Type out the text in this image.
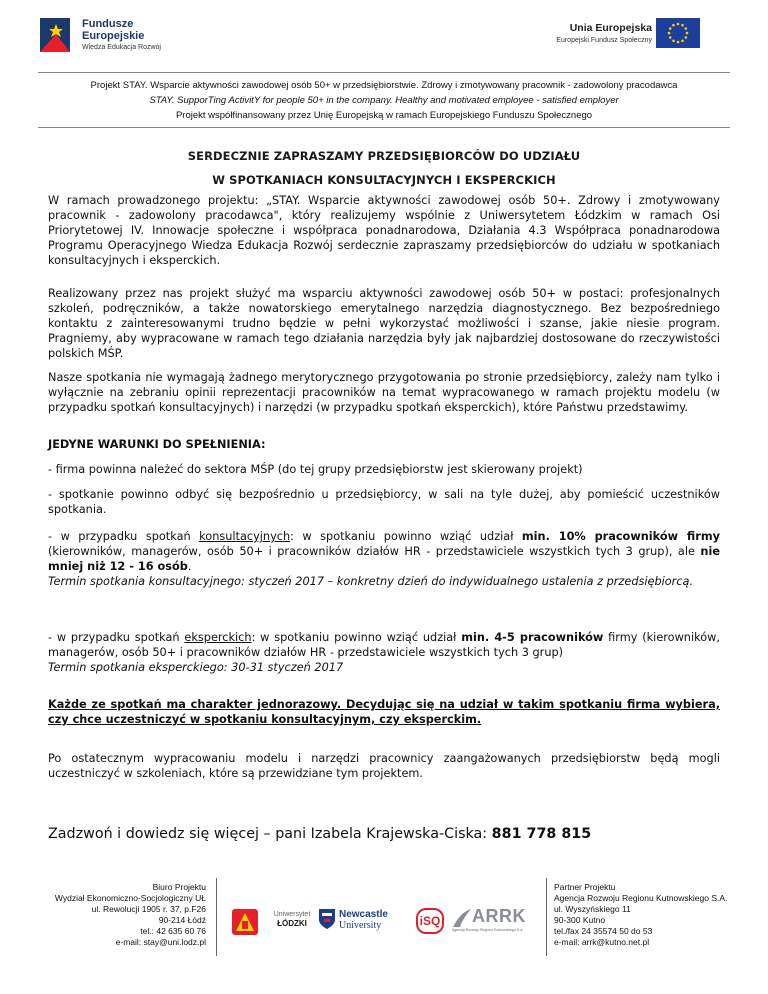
Fundusze
Europejskie
Wiedza Edukacja Rozwój
Unia Europejska
Europejski Fundusz Społeczny
Projekt STAY. Wsparcie aktywności zawodowej osób 50+ w przedsiębiorstwie. Zdrowy i zmotywowany pracownik - zadowolony pracodawca
STAY. SupporTing ActivitY for people 50+ in the company. Healthy and motivated employee - satisfied employer
Projekt współfinansowany przez Unię Europejską w ramach Europejskiego Funduszu Społecznego
SERDECZNIE ZAPRASZAMY PRZEDSIĘBIORCÓW DO UDZIAŁU
W SPOTKANIACH KONSULTACYJNYCH I EKSPERCKICH
W ramach prowadzonego projektu: „STAY. Wsparcie aktywności zawodowej osób 50+. Zdrowy i zmotywowany pracownik - zadowolony pracodawca", który realizujemy wspólnie z Uniwersytetem Łódzkim w ramach Osi Priorytetowej IV. Innowacje społeczne i współpraca ponadnarodowa, Działania 4.3 Współpraca ponadnarodowa Programu Operacyjnego Wiedza Edukacja Rozwój serdecznie zapraszamy przedsiębiorców do udziału w spotkaniach konsultacyjnych i eksperckich.
Realizowany przez nas projekt służyć ma wsparciu aktywności zawodowej osób 50+ w postaci: profesjonalnych szkoleń, podręczników, a także nowatorskiego emerytalnego narzędzia diagnostycznego. Bez bezpośredniego kontaktu z zainteresowanymi trudno będzie w pełni wykorzystać możliwości i szanse, jakie niesie program. Pragniemy, aby wypracowane w ramach tego działania narzędzia były jak najbardziej dostosowane do rzeczywistości polskich MŚP.
Nasze spotkania nie wymagają żadnego merytorycznego przygotowania po stronie przedsiębiorcy, zależy nam tylko i wyłącznie na zebraniu opinii reprezentacji pracowników na temat wypracowanego w ramach projektu modelu (w przypadku spotkań konsultacyjnych) i narzędzi (w przypadku spotkań eksperckich), które Państwu przedstawimy.
JEDYNE WARUNKI DO SPEŁNIENIA:
- firma powinna należeć do sektora MŚP (do tej grupy przedsiębiorstw jest skierowany projekt)
- spotkanie powinno odbyć się bezpośrednio u przedsiębiorcy, w sali na tyle dużej, aby pomieścić uczestników spotkania.
- w przypadku spotkań konsultacyjnych: w spotkaniu powinno wziąć udział min. 10% pracowników firmy (kierowników, managerów, osób 50+ i pracowników działów HR - przedstawiciele wszystkich tych 3 grup), ale nie mniej niż 12 - 16 osób.
Termin spotkania konsultacyjnego: styczeń 2017 – konkretny dzień do indywidualnego ustalenia z przedsiębiorcą.
- w przypadku spotkań eksperckich: w spotkaniu powinno wziąć udział min. 4-5 pracowników firmy (kierowników, managerów, osób 50+ i pracowników działów HR - przedstawiciele wszystkich tych 3 grup)
Termin spotkania eksperckiego: 30-31 styczeń 2017
Każde ze spotkań ma charakter jednorazowy. Decydując się na udział w takim spotkaniu firma wybiera, czy chce uczestniczyć w spotkaniu konsultacyjnym, czy eksperckim.
Po ostatecznym wypracowaniu modelu i narzędzi pracownicy zaangażowanych przedsiębiorstw będą mogli uczestniczyć w szkoleniach, które są przewidziane tym projektem.
Zadzwoń i dowiedz się więcej – pani Izabela Krajewska-Ciska: 881 778 815
Biuro Projektu
Wydział Ekonomiczno-Socjologiczny UŁ
ul. Rewolucji 1905 r. 37, p.F26
90-214 Łódź
tel.: 42 635 60 76
e-mail: stay@uni.lodz.pl
Uniwersytet
ŁÓDZKI
Newcastle
University	iSQ ARRK
Agencja Rozwoju Regionu Kutnowskiego S.A.
Partner Projektu
Agencja Rozwoju Regionu Kutnowskiego S.A.
ul. Wyszyńskiego 11
90-300 Kutno
tel./fax 24 35574 50 do 53
e-mail: arrk@kutno.net.pl
